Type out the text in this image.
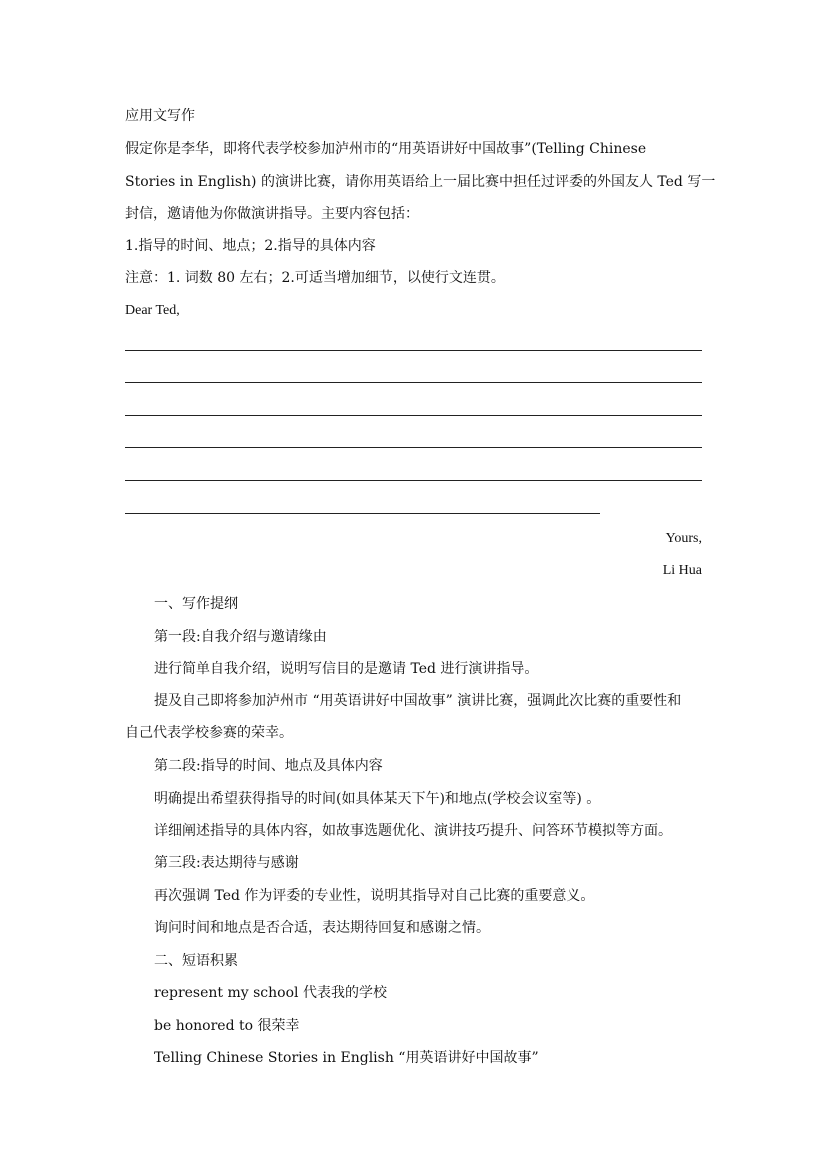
应用文写作
假定你是李华，即将代表学校参加泸州市的“用英语讲好中国故事”(Telling Chinese
Stories in English) 的演讲比赛，请你用英语给上一届比赛中担任过评委的外国友人 Ted 写一
封信，邀请他为你做演讲指导。主要内容包括：
1.指导的时间、地点；2.指导的具体内容
注意：1. 词数 80 左右；2.可适当增加细节，以使行文连贯。
Dear Ted,
Yours,
Li Hua
一、写作提纲
第一段:自我介绍与邀请缘由
进行简单自我介绍，说明写信目的是邀请 Ted 进行演讲指导。
提及自己即将参加泸州市 “用英语讲好中国故事” 演讲比赛，强调此次比赛的重要性和
自己代表学校参赛的荣幸。
第二段:指导的时间、地点及具体内容
明确提出希望获得指导的时间(如具体某天下午)和地点(学校会议室等) 。
详细阐述指导的具体内容，如故事选题优化、演讲技巧提升、问答环节模拟等方面。
第三段:表达期待与感谢
再次强调 Ted 作为评委的专业性，说明其指导对自己比赛的重要意义。
询问时间和地点是否合适，表达期待回复和感谢之情。
二、短语积累
represent my school 代表我的学校
be honored to 很荣幸
Telling Chinese Stories in English “用英语讲好中国故事”
